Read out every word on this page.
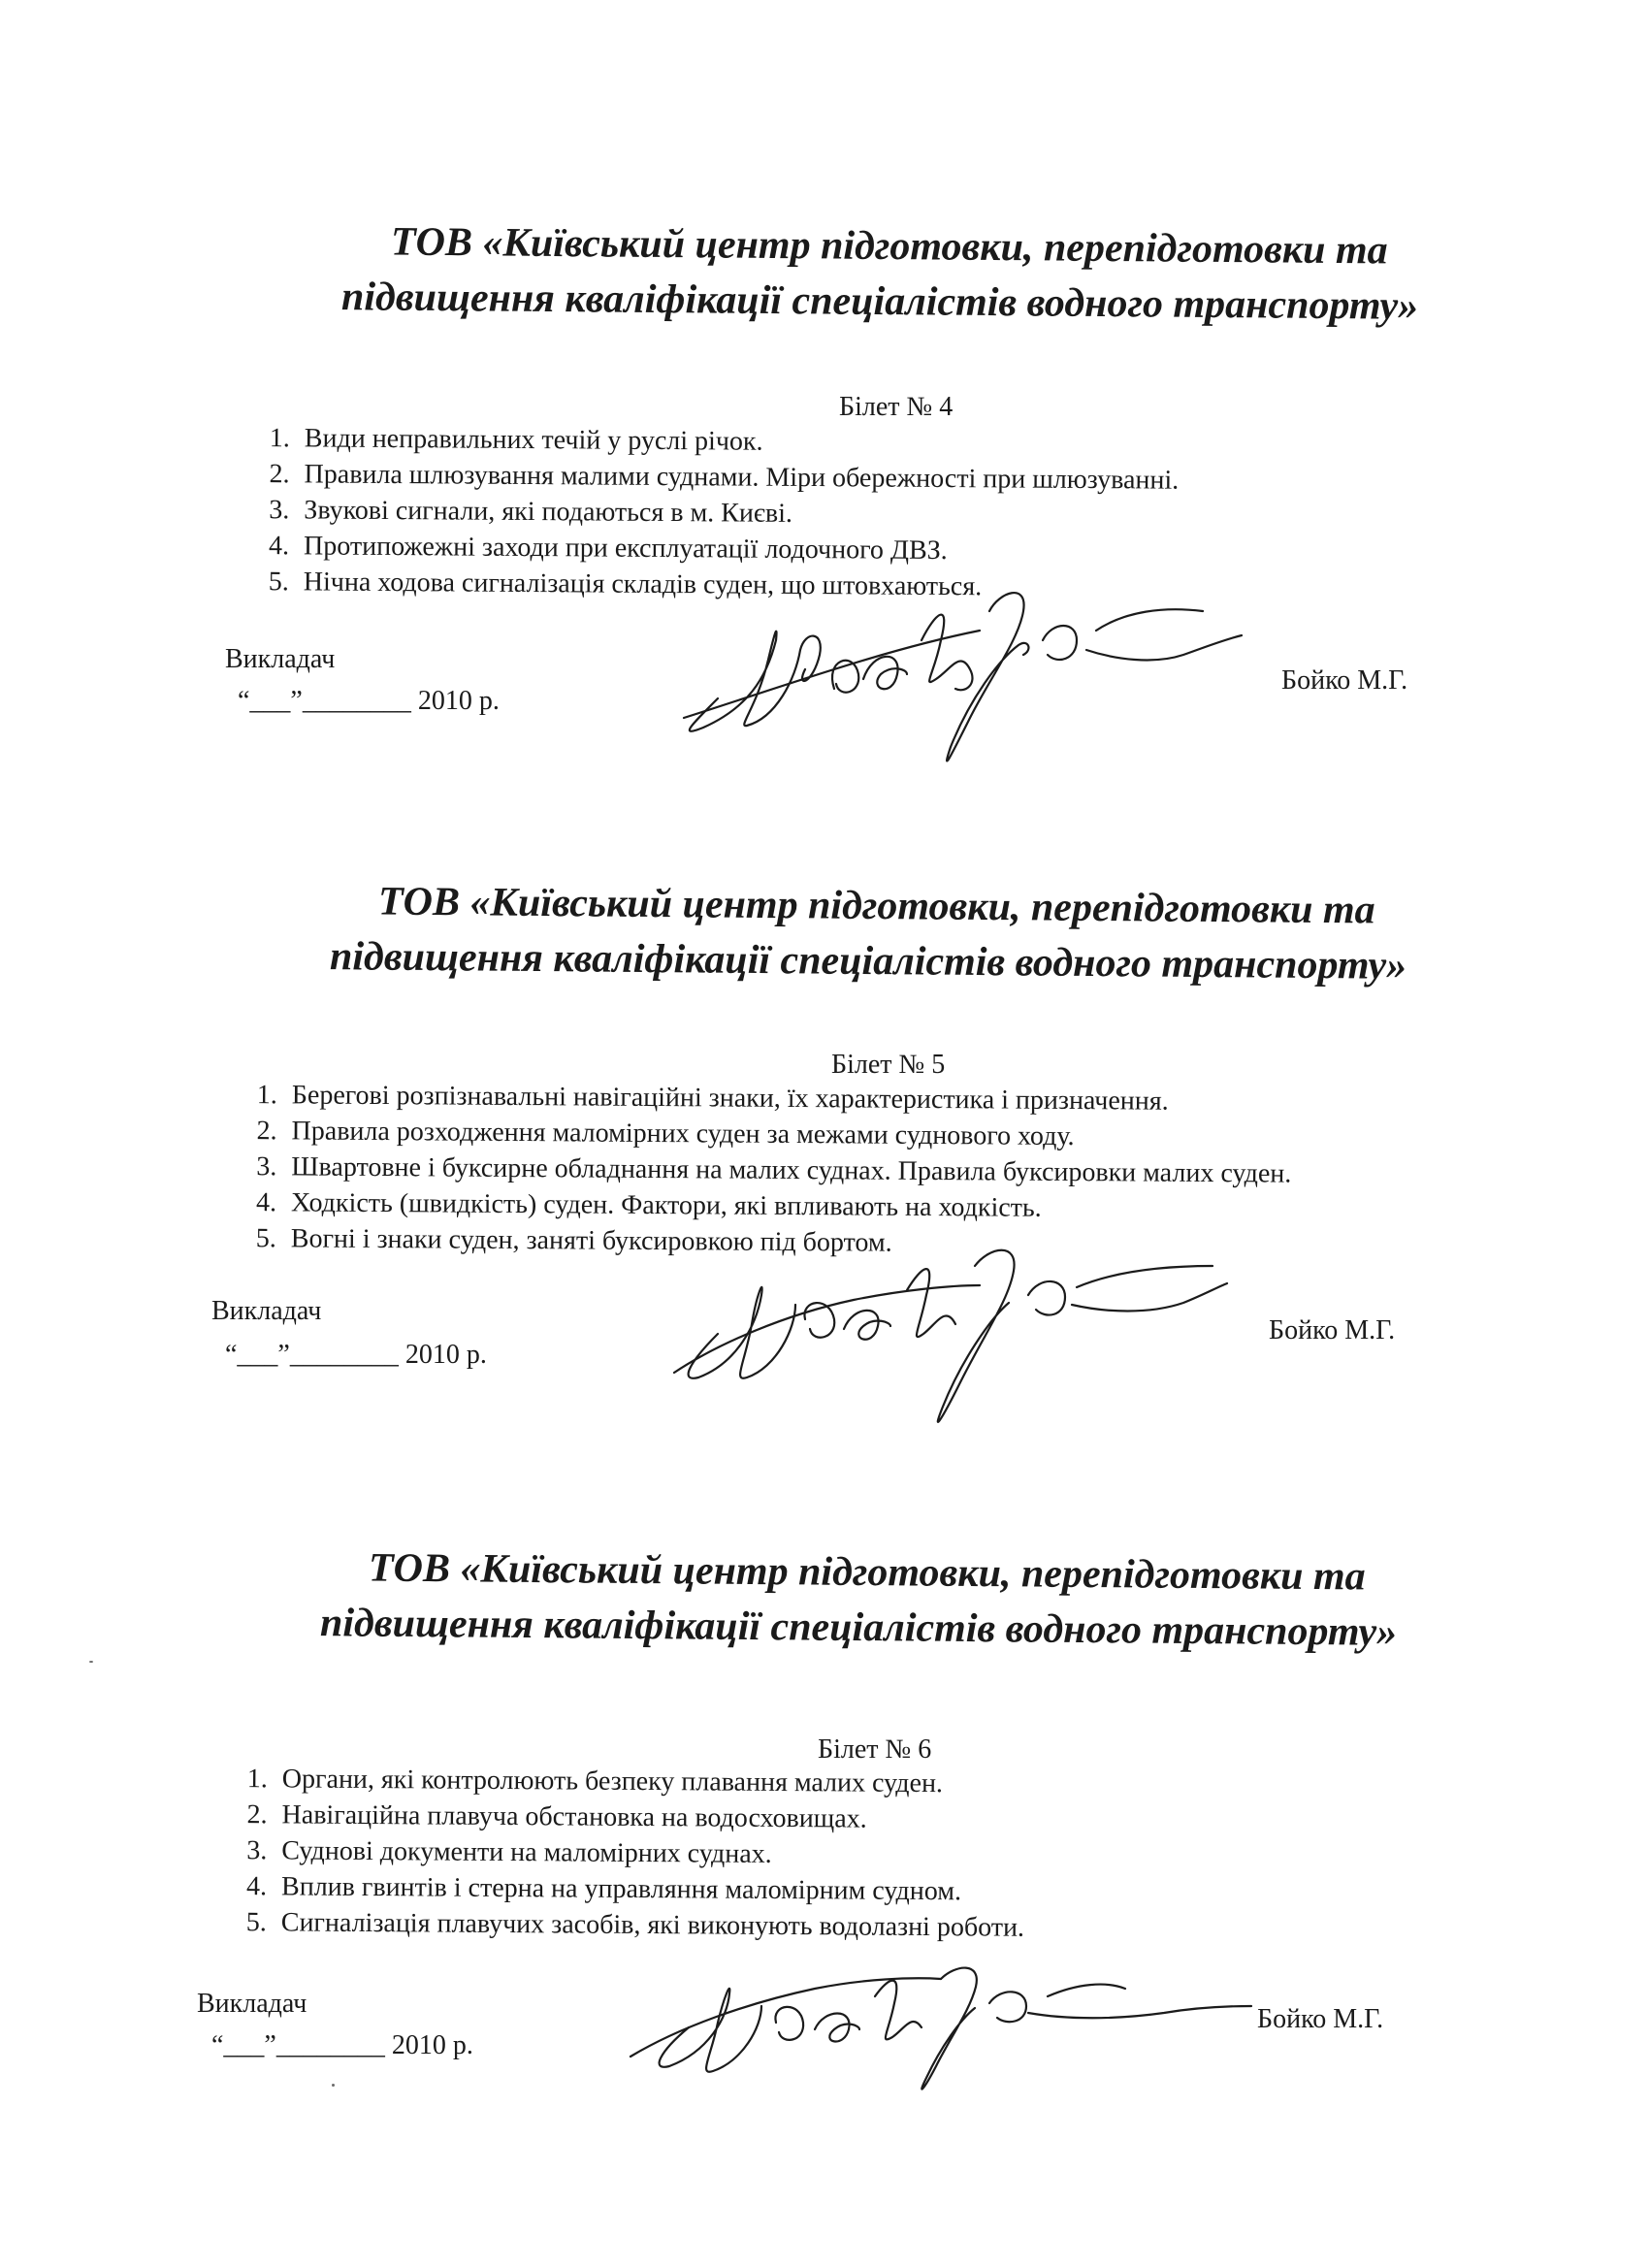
ТОВ «Київський центр підготовки, перепідготовки та
підвищення кваліфікації спеціалістів водного транспорту»
Білет № 4
1. Види неправильних течій у руслі річок.
2. Правила шлюзування малими суднами. Міри обережності при шлюзуванні.
3. Звукові сигнали, які подаються в м. Києві.
4. Протипожежні заходи при експлуатації лодочного ДВЗ.
5. Нічна ходова сигналізація складів суден, що штовхаються.
Викладач
“___”________ 2010 р.
Бойко М.Г.
ТОВ «Київський центр підготовки, перепідготовки та
підвищення кваліфікації спеціалістів водного транспорту»
Білет № 5
1. Берегові розпізнавальні навігаційні знаки, їх характеристика і призначення.
2. Правила розходження маломірних суден за межами суднового ходу.
3. Швартовне і буксирне обладнання на малих суднах. Правила буксировки малих суден.
4. Ходкість (швидкість) суден. Фактори, які впливають на ходкість.
5. Вогні і знаки суден, заняті буксировкою під бортом.
Викладач
“___”________ 2010 р.
Бойко М.Г.
ТОВ «Київський центр підготовки, перепідготовки та
підвищення кваліфікації спеціалістів водного транспорту»
Білет № 6
1. Органи, які контролюють безпеку плавання малих суден.
2. Навігаційна плавуча обстановка на водосховищах.
3. Суднові документи на маломірних суднах.
4. Вплив гвинтів і стерна на управляння маломірним судном.
5. Сигналізація плавучих засобів, які виконують водолазні роботи.
Викладач
“___”________ 2010 р.
Бойко М.Г.
